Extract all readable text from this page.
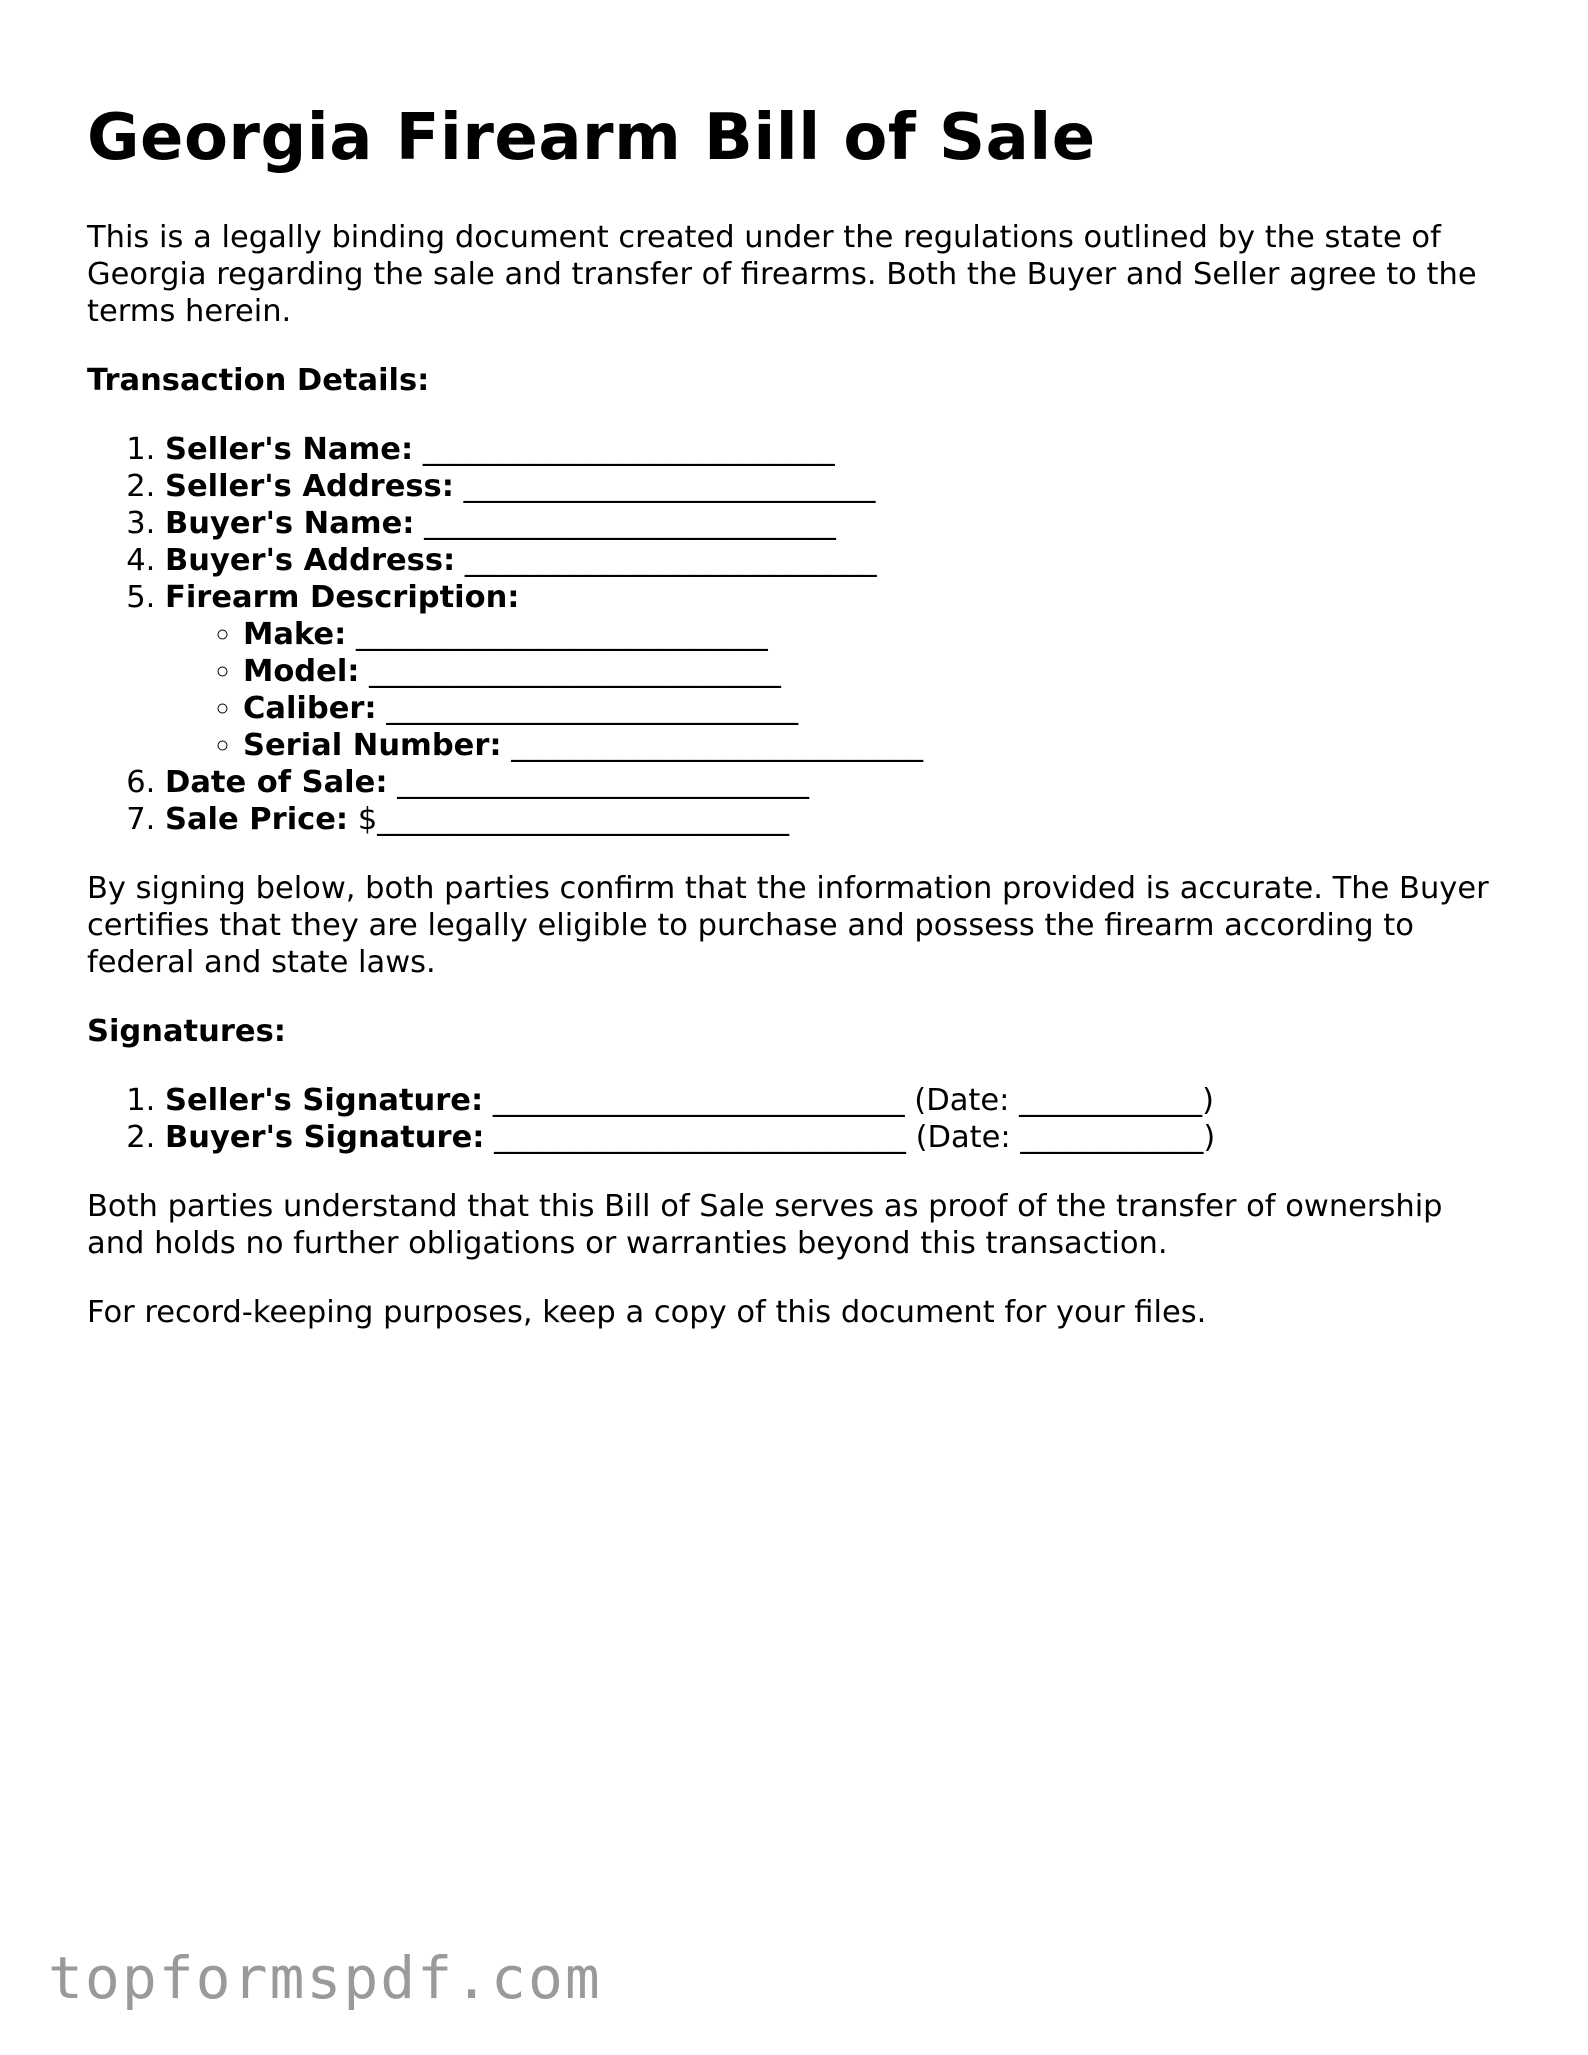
Georgia Firearm Bill of Sale

This is a legally binding document created under the regulations outlined by the state of Georgia regarding the sale and transfer of firearms. Both the Buyer and Seller agree to the terms herein.

Transaction Details:

1. Seller's Name: ___________________________
2. Seller's Address: ___________________________
3. Buyer's Name: ___________________________
4. Buyer's Address: ___________________________
5. Firearm Description:
◦ Make: ___________________________
◦ Model: ___________________________
◦ Caliber: ___________________________
◦ Serial Number: ___________________________
6. Date of Sale: ___________________________
7. Sale Price: $___________________________

By signing below, both parties confirm that the information provided is accurate. The Buyer certifies that they are legally eligible to purchase and possess the firearm according to federal and state laws.

Signatures:

1. Seller's Signature: ___________________________ (Date: ____________)
2. Buyer's Signature: ___________________________ (Date: ____________)

Both parties understand that this Bill of Sale serves as proof of the transfer of ownership and holds no further obligations or warranties beyond this transaction.

For record-keeping purposes, keep a copy of this document for your files.

topformspdf.com
